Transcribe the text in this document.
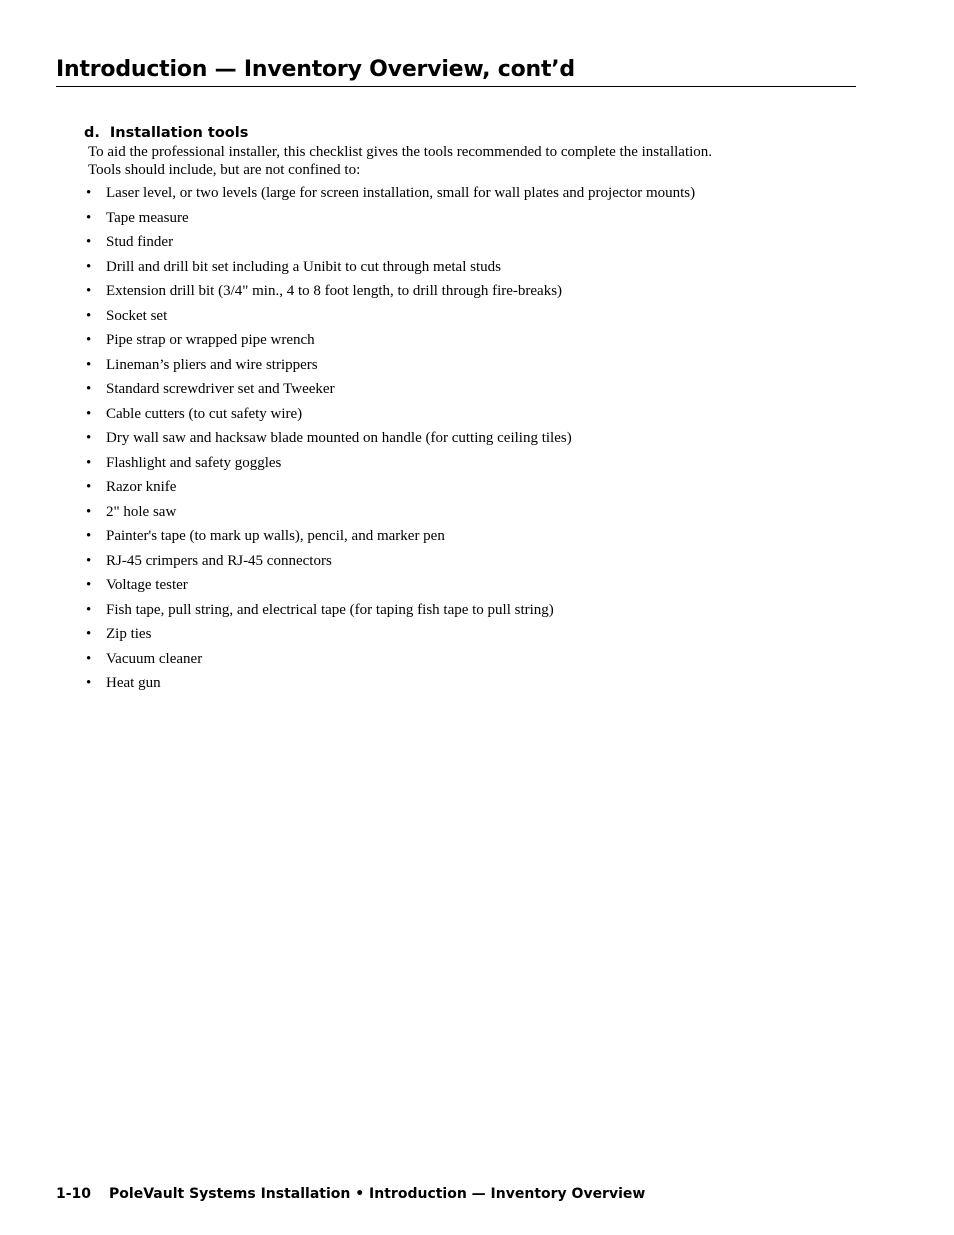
Introduction — Inventory Overview, cont’d
d. Installation tools

To aid the professional installer, this checklist gives the tools recommended to complete the installation.
Tools should include, but are not confined to:

• Laser level, or two levels (large for screen installation, small for wall plates and projector mounts)
• Tape measure
• Stud finder
• Drill and drill bit set including a Unibit to cut through metal studs
• Extension drill bit (3/4" min., 4 to 8 foot length, to drill through fire-breaks)
• Socket set
• Pipe strap or wrapped pipe wrench
• Lineman’s pliers and wire strippers
• Standard screwdriver set and Tweeker
• Cable cutters (to cut safety wire)
• Dry wall saw and hacksaw blade mounted on handle (for cutting ceiling tiles)
• Flashlight and safety goggles
• Razor knife
• 2" hole saw
• Painter's tape (to mark up walls), pencil, and marker pen
• RJ-45 crimpers and RJ-45 connectors
• Voltage tester
• Fish tape, pull string, and electrical tape (for taping fish tape to pull string)
• Zip ties
• Vacuum cleaner
• Heat gun
1-10 PoleVault Systems Installation • Introduction — Inventory Overview
